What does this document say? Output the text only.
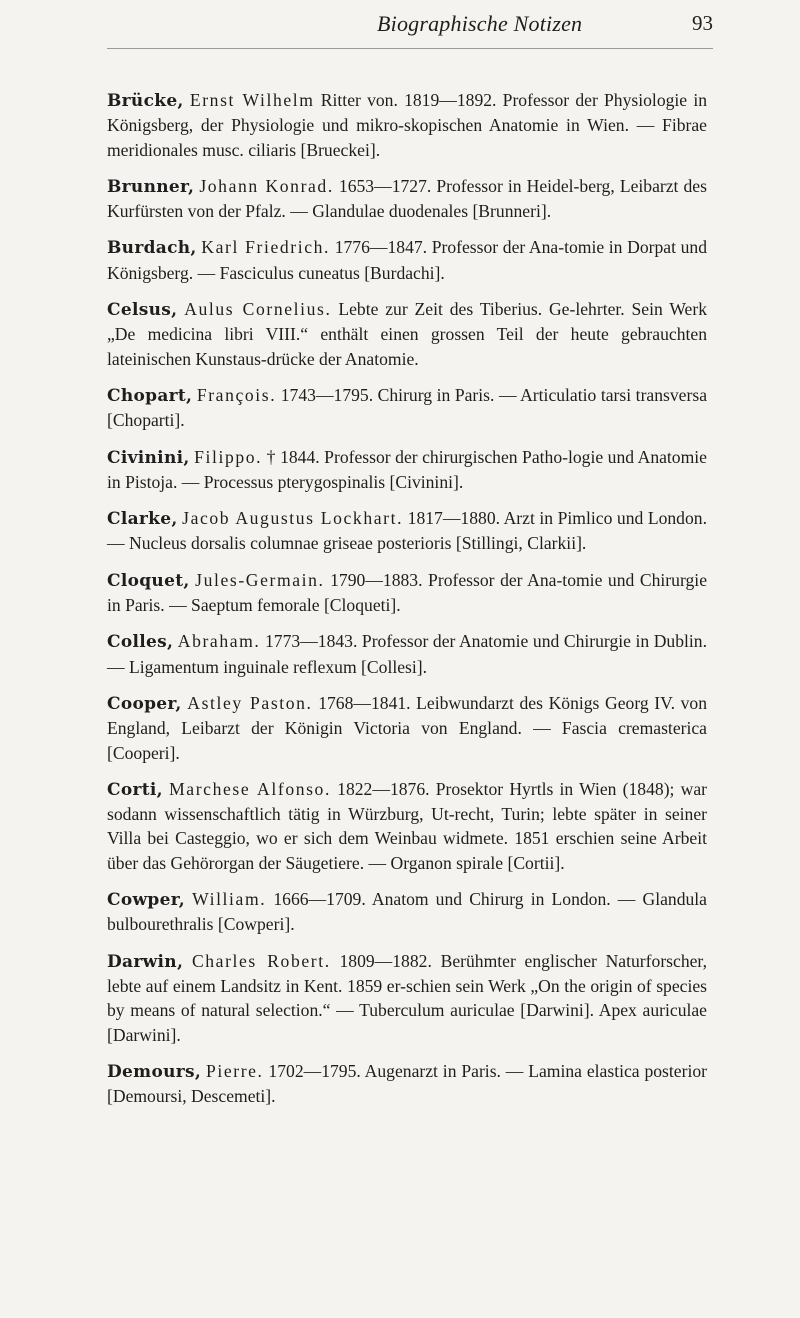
Biographische Notizen	93

Brücke, Ernst Wilhelm Ritter von. 1819—1892. Professor der Physiologie in Königsberg, der Physiologie und mikro-skopischen Anatomie in Wien. — Fibrae meridionales musc. ciliaris [Brueckei].

Brunner, Johann Konrad. 1653—1727. Professor in Heidel-berg, Leibarzt des Kurfürsten von der Pfalz. — Glandulae duodenales [Brunneri].

Burdach, Karl Friedrich. 1776—1847. Professor der Ana-tomie in Dorpat und Königsberg. — Fasciculus cuneatus [Burdachi].

Celsus, Aulus Cornelius. Lebte zur Zeit des Tiberius. Ge-lehrter. Sein Werk „De medicina libri VIII.“ enthält einen grossen Teil der heute gebrauchten lateinischen Kunstaus-drücke der Anatomie.

Chopart, François. 1743—1795. Chirurg in Paris. — Articulatio tarsi transversa [Choparti].

Civinini, Filippo. † 1844. Professor der chirurgischen Patho-logie und Anatomie in Pistoja. — Processus pterygospinalis [Civinini].

Clarke, Jacob Augustus Lockhart. 1817—1880. Arzt in Pimlico und London. — Nucleus dorsalis columnae griseae posterioris [Stillingi, Clarkii].

Cloquet, Jules-Germain. 1790—1883. Professor der Ana-tomie und Chirurgie in Paris. — Saeptum femorale [Cloqueti].

Colles, Abraham. 1773—1843. Professor der Anatomie und Chirurgie in Dublin. — Ligamentum inguinale reflexum [Collesi].

Cooper, Astley Paston. 1768—1841. Leibwundarzt des Königs Georg IV. von England, Leibarzt der Königin Victoria von England. — Fascia cremasterica [Cooperi].

Corti, Marchese Alfonso. 1822—1876. Prosektor Hyrtls in Wien (1848); war sodann wissenschaftlich tätig in Würzburg, Ut-recht, Turin; lebte später in seiner Villa bei Casteggio, wo er sich dem Weinbau widmete. 1851 erschien seine Arbeit über das Gehörorgan der Säugetiere. — Organon spirale [Cortii].

Cowper, William. 1666—1709. Anatom und Chirurg in London. — Glandula bulbourethralis [Cowperi].

Darwin, Charles Robert. 1809—1882. Berühmter englischer Naturforscher, lebte auf einem Landsitz in Kent. 1859 er-schien sein Werk „On the origin of species by means of natural selection.“ — Tuberculum auriculae [Darwini]. Apex auriculae [Darwini].

Demours, Pierre. 1702—1795. Augenarzt in Paris. — Lamina elastica posterior [Demoursi, Descemeti].
